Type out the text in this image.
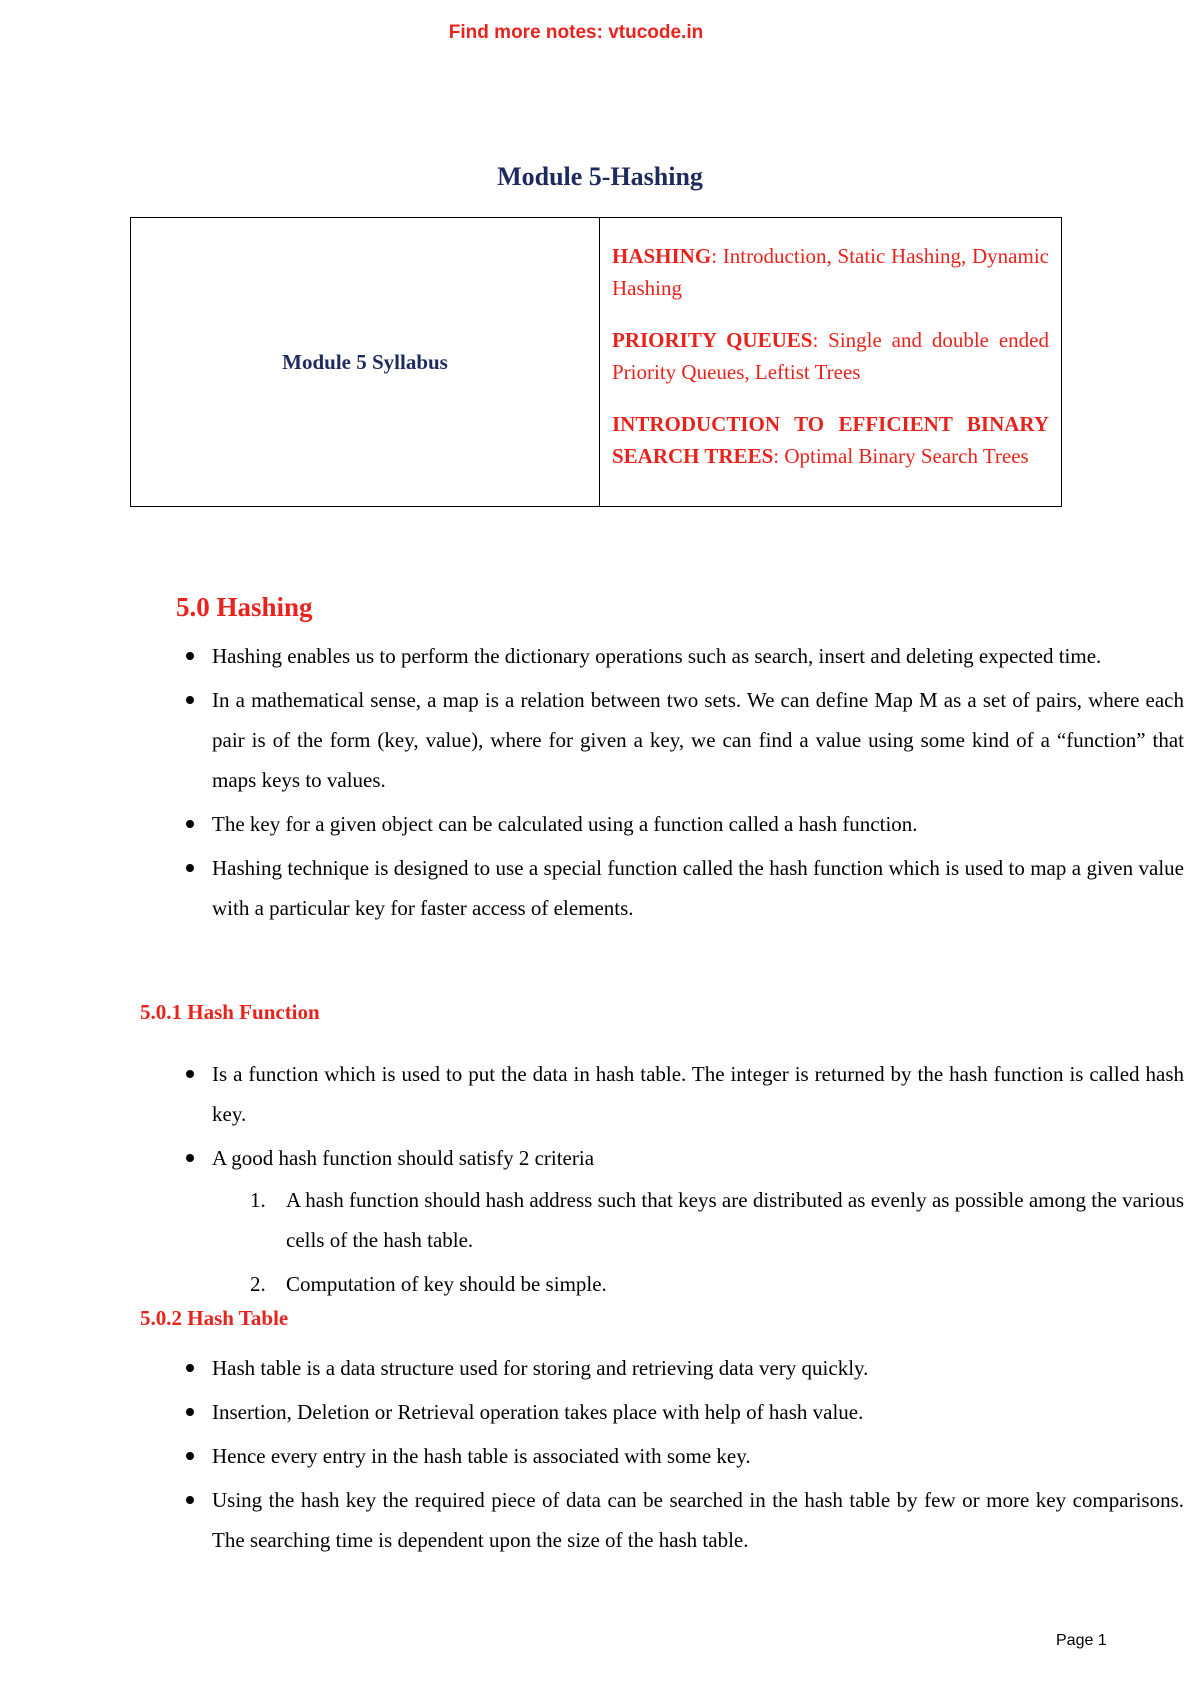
Find more notes: vtucode.in
Module 5-Hashing
Module 5 Syllabus	
HASHING: Introduction, Static Hashing, Dynamic Hashing
PRIORITY QUEUES: Single and double ended Priority Queues, Leftist Trees
INTRODUCTION TO EFFICIENT BINARY SEARCH TREES: Optimal Binary Search Trees
5.0 Hashing
Hashing enables us to perform the dictionary operations such as search, insert and deleting expected time.
In a mathematical sense, a map is a relation between two sets. We can define Map M as a set of pairs, where each pair is of the form (key, value), where for given a key, we can find a value using some kind of a “function” that maps keys to values.
The key for a given object can be calculated using a function called a hash function.
Hashing technique is designed to use a special function called the hash function which is used to map a given value with a particular key for faster access of elements.
5.0.1 Hash Function
Is a function which is used to put the data in hash table. The integer is returned by the hash function is called hash key.
A good hash function should satisfy 2 criteria
1. A hash function should hash address such that keys are distributed as evenly as possible among the various cells of the hash table.
2. Computation of key should be simple.
5.0.2 Hash Table
Hash table is a data structure used for storing and retrieving data very quickly.
Insertion, Deletion or Retrieval operation takes place with help of hash value.
Hence every entry in the hash table is associated with some key.
Using the hash key the required piece of data can be searched in the hash table by few or more key comparisons. The searching time is dependent upon the size of the hash table.
Page 1
